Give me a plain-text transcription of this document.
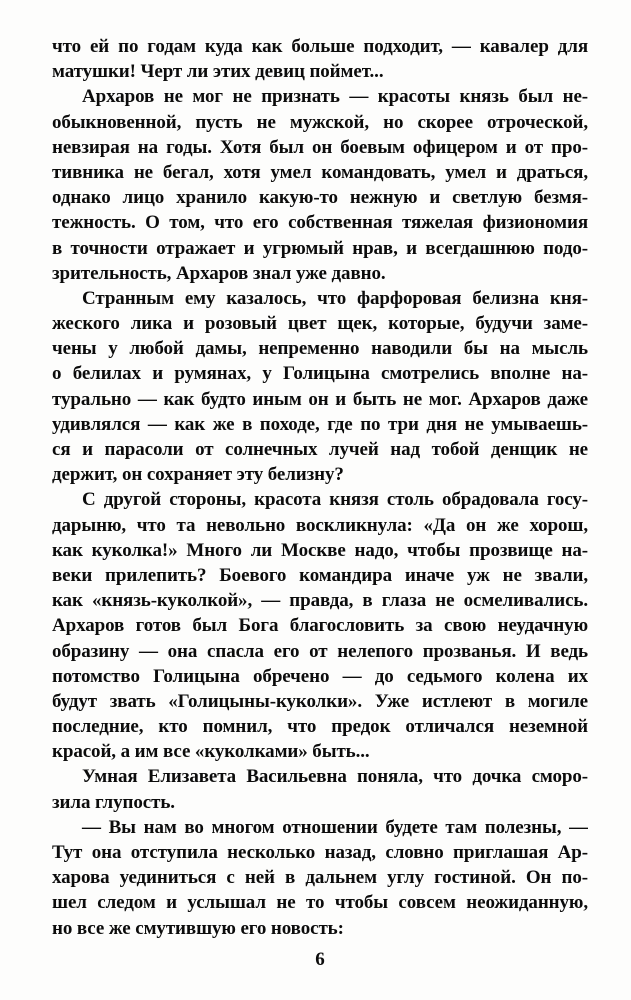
что ей по годам куда как больше подходит, — кавалер для
матушки! Черт ли этих девиц поймет...
Архаров не мог не признать — красоты князь был не-
обыкновенной, пусть не мужской, но скорее отроческой,
невзирая на годы. Хотя был он боевым офицером и от про-
тивника не бегал, хотя умел командовать, умел и драться,
однако лицо хранило какую-то нежную и светлую безмя-
тежность. О том, что его собственная тяжелая физиономия
в точности отражает и угрюмый нрав, и всегдашнюю подо-
зрительность, Архаров знал уже давно.
Странным ему казалось, что фарфоровая белизна кня-
жеского лика и розовый цвет щек, которые, будучи заме-
чены у любой дамы, непременно наводили бы на мысль
о белилах и румянах, у Голицына смотрелись вполне на-
турально — как будто иным он и быть не мог. Архаров даже
удивлялся — как же в походе, где по три дня не умываешь-
ся и парасоли от солнечных лучей над тобой денщик не
держит, он сохраняет эту белизну?
С другой стороны, красота князя столь обрадовала госу-
дарыню, что та невольно воскликнула: «Да он же хорош,
как куколка!» Много ли Москве надо, чтобы прозвище на-
веки прилепить? Боевого командира иначе уж не звали,
как «князь-куколкой», — правда, в глаза не осмеливались.
Архаров готов был Бога благословить за свою неудачную
образину — она спасла его от нелепого прозванья. И ведь
потомство Голицына обречено — до седьмого колена их
будут звать «Голицыны-куколки». Уже истлеют в могиле
последние, кто помнил, что предок отличался неземной
красой, а им все «куколками» быть...
Умная Елизавета Васильевна поняла, что дочка сморо-
зила глупость.
— Вы нам во многом отношении будете там полезны, —
Тут она отступила несколько назад, словно приглашая Ар-
харова уединиться с ней в дальнем углу гостиной. Он по-
шел следом и услышал не то чтобы совсем неожиданную,
но все же смутившую его новость:
6
